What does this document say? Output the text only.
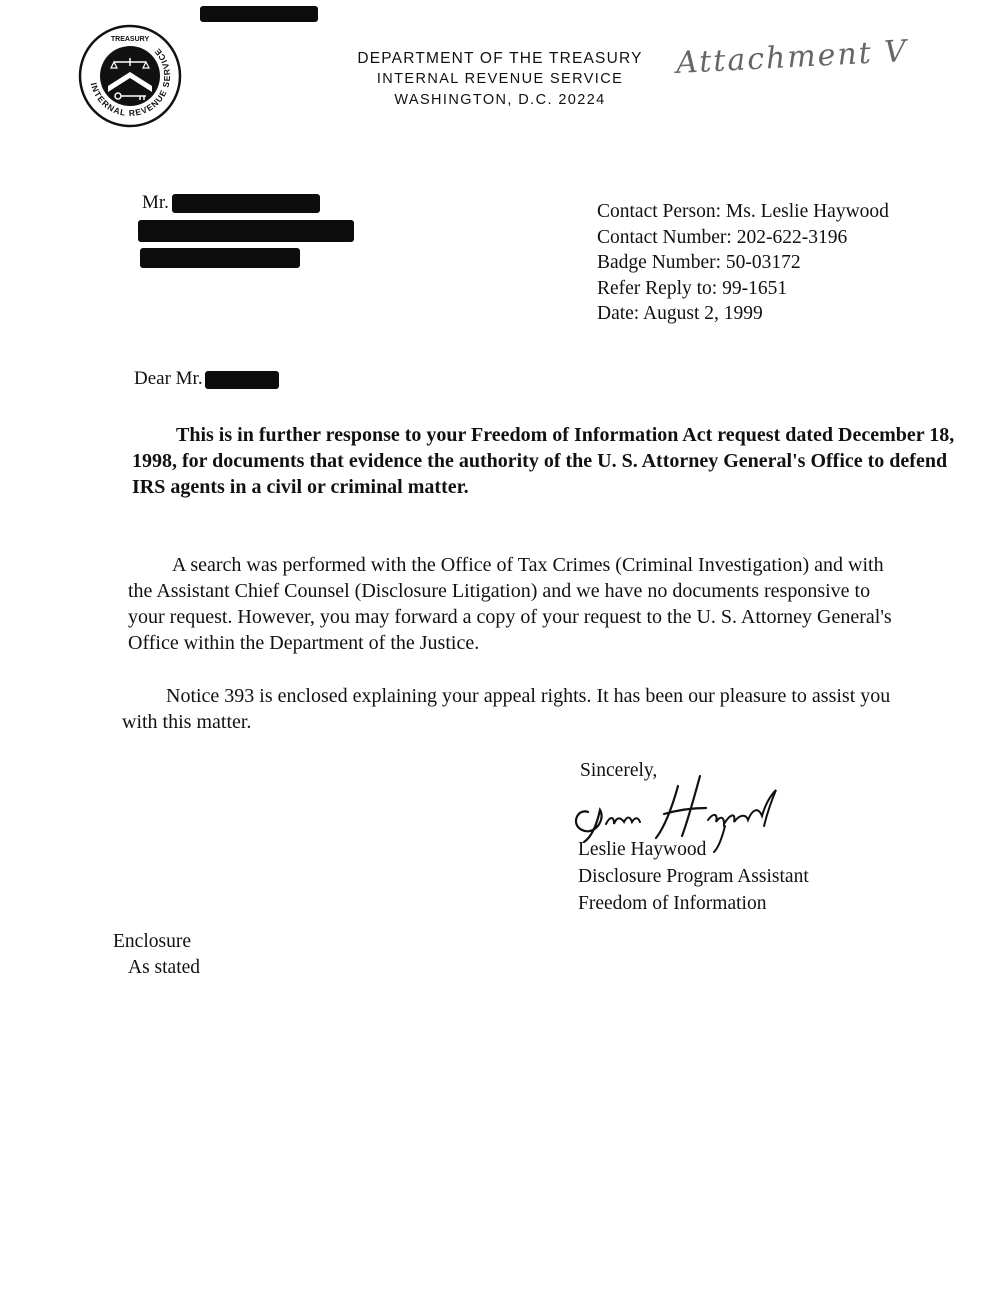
INTERNAL REVENUE SERVICE
TREASURY
DEPARTMENT OF THE TREASURY
INTERNAL REVENUE SERVICE
WASHINGTON, D.C. 20224
Attachment V
Mr.	Contact Person: Ms. Leslie Haywood
Contact Number: 202-622-3196
Badge Number: 50-03172
Refer Reply to: 99-1651
Date: August 2, 1999
Dear Mr.
This is in further response to your Freedom of Information Act request dated December 18,
1998, for documents that evidence the authority of the U. S. Attorney General's Office to defend
IRS agents in a civil or criminal matter.
A search was performed with the Office of Tax Crimes (Criminal Investigation) and with
the Assistant Chief Counsel (Disclosure Litigation) and we have no documents responsive to
your request. However, you may forward a copy of your request to the U. S. Attorney General's
Office within the Department of the Justice.
Notice 393 is enclosed explaining your appeal rights. It has been our pleasure to assist you
with this matter.
Sincerely,
Leslie Haywood
Disclosure Program Assistant
Freedom of Information
Enclosure
As stated
